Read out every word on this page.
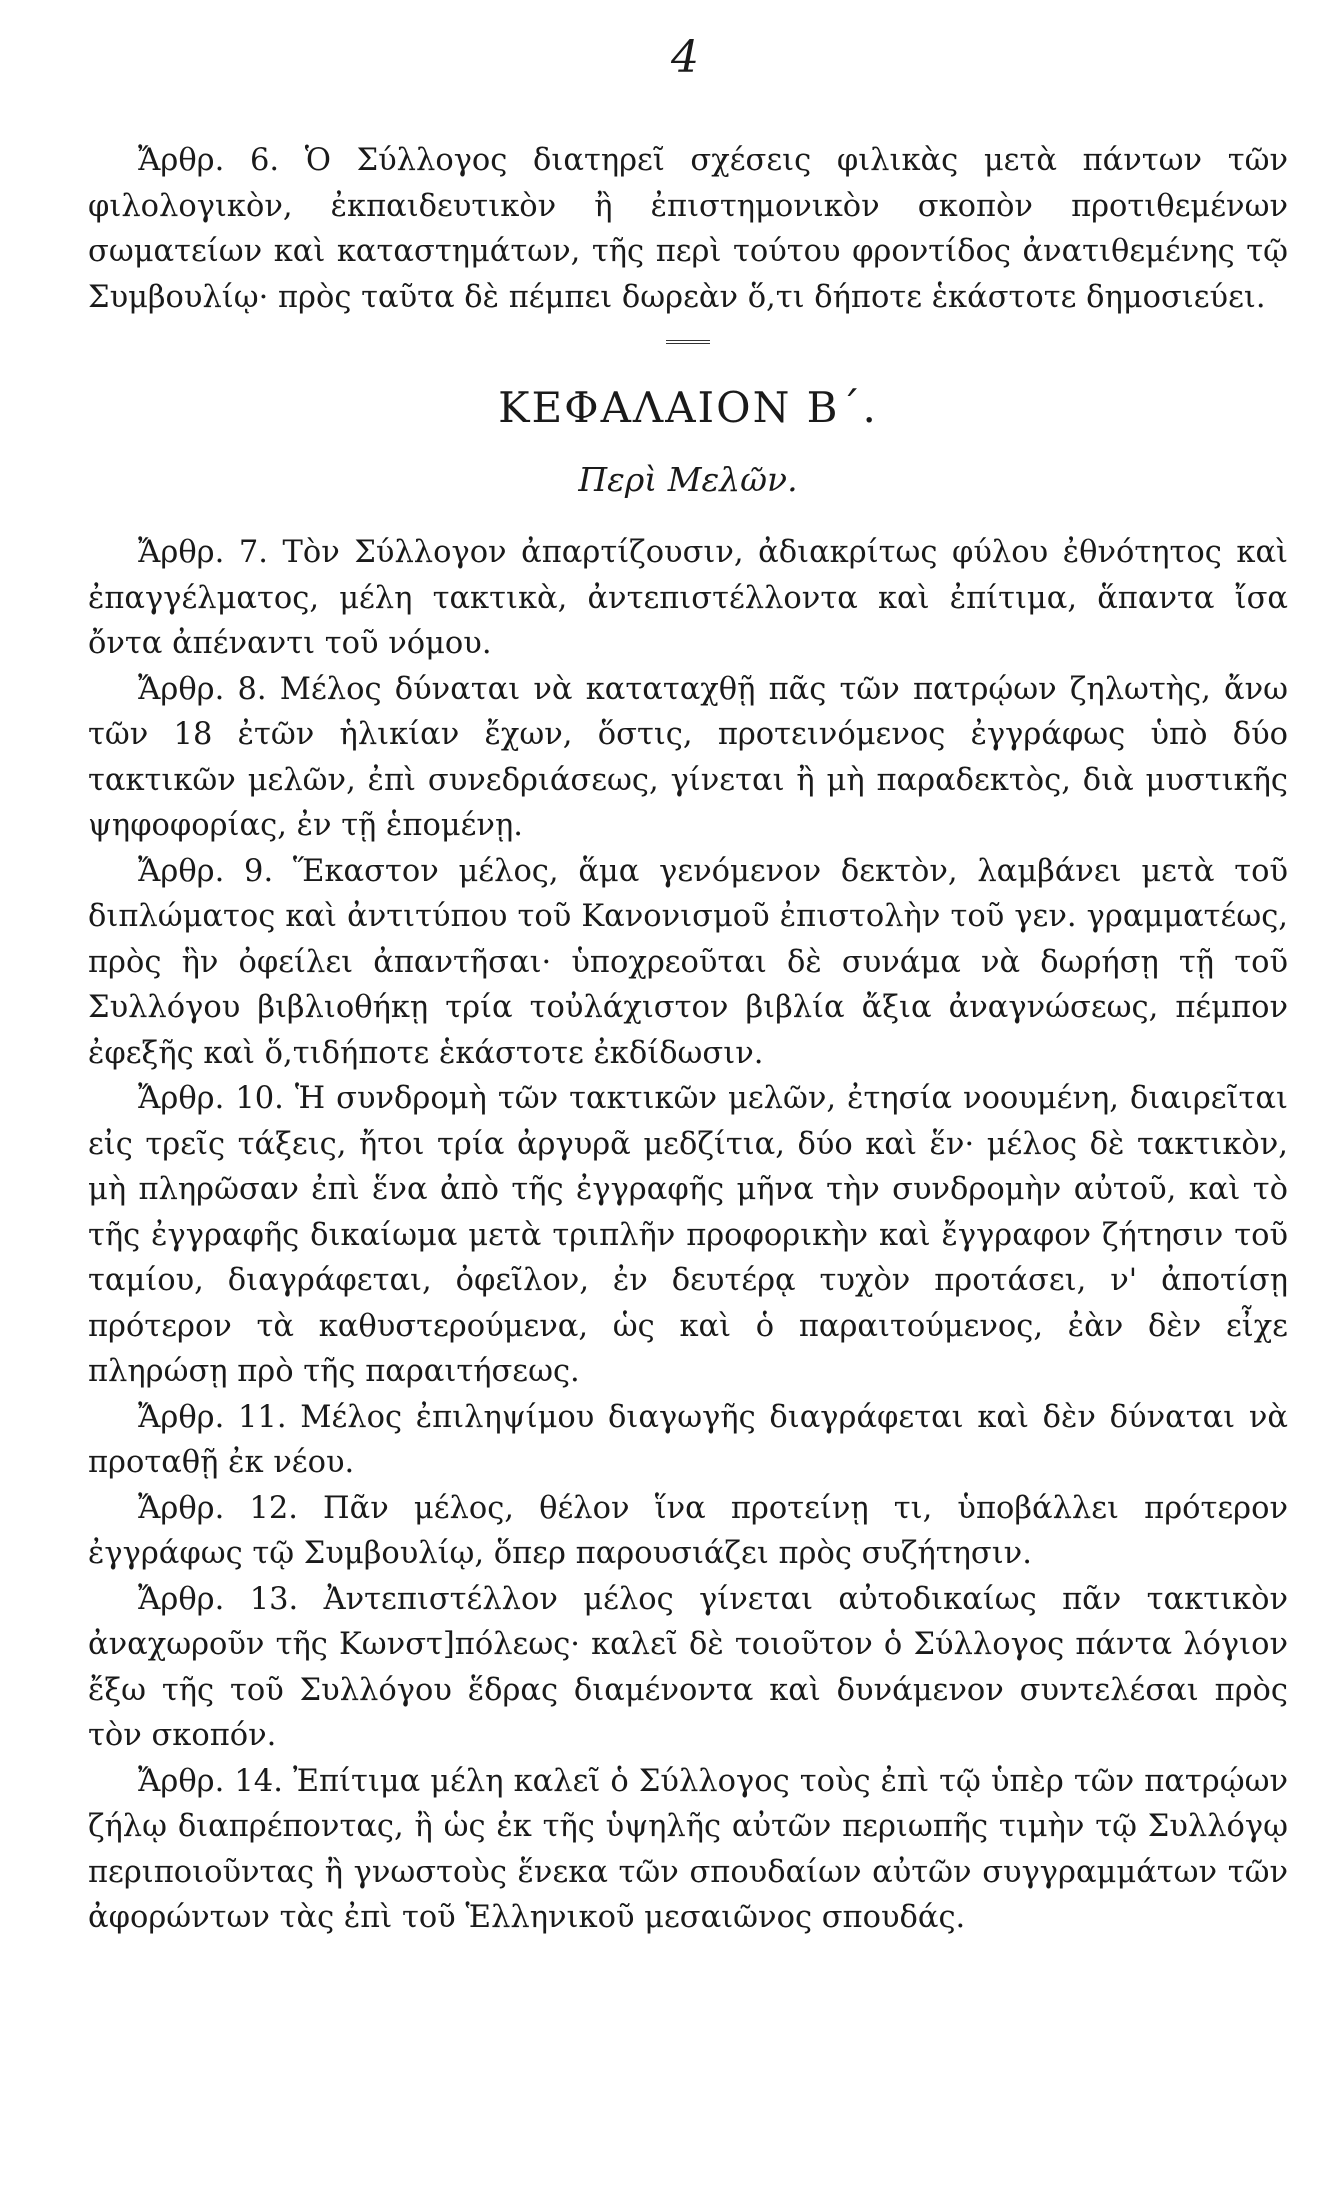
4

Ἄρθρ. 6. Ὁ Σύλλογος διατηρεῖ σχέσεις φιλικὰς μετὰ πάντων τῶν φιλολογικὸν, ἐκπαιδευτικὸν ἢ ἐπιστημονικὸν σκοπὸν προτιθεμένων σωματείων καὶ καταστημάτων, τῆς περὶ τούτου φροντίδος ἀνατιθεμένης τῷ Συμβουλίῳ· πρὸς ταῦτα δὲ πέμπει δωρεὰν ὅ,τι δήποτε ἑκάστοτε δημοσιεύει.

ΚΕΦΑΛΑΙΟΝ Β΄.
Περὶ Μελῶν.

Ἄρθρ. 7. Τὸν Σύλλογον ἀπαρτίζουσιν, ἀδιακρίτως φύλου ἐθνότητος καὶ ἐπαγγέλματος, μέλη τακτικὰ, ἀντεπιστέλλοντα καὶ ἐπίτιμα, ἅπαντα ἴσα ὄντα ἀπέναντι τοῦ νόμου.

Ἄρθρ. 8. Μέλος δύναται νὰ καταταχθῇ πᾶς τῶν πατρῴων ζηλωτὴς, ἄνω τῶν 18 ἐτῶν ἡλικίαν ἔχων, ὅστις, προτεινόμενος ἐγγράφως ὑπὸ δύο τακτικῶν μελῶν, ἐπὶ συνεδριάσεως, γίνεται ἢ μὴ παραδεκτὸς, διὰ μυστικῆς ψηφοφορίας, ἐν τῇ ἑπομένῃ.

Ἄρθρ. 9. Ἕκαστον μέλος, ἅμα γενόμενον δεκτὸν, λαμβάνει μετὰ τοῦ διπλώματος καὶ ἀντιτύπου τοῦ Κανονισμοῦ ἐπιστολὴν τοῦ γεν. γραμματέως, πρὸς ἣν ὀφείλει ἀπαντῆσαι· ὑποχρεοῦται δὲ συνάμα νὰ δωρήσῃ τῇ τοῦ Συλλόγου βιβλιοθήκῃ τρία τοὐλάχιστον βιβλία ἄξια ἀναγνώσεως, πέμπον ἐφεξῆς καὶ ὅ,τιδήποτε ἑκάστοτε ἐκδίδωσιν.

Ἄρθρ. 10. Ἡ συνδρομὴ τῶν τακτικῶν μελῶν, ἐτησία νοουμένη, διαιρεῖται εἰς τρεῖς τάξεις, ἤτοι τρία ἀργυρᾶ μεδζίτια, δύο καὶ ἕν· μέλος δὲ τακτικὸν, μὴ πληρῶσαν ἐπὶ ἕνα ἀπὸ τῆς ἐγγραφῆς μῆνα τὴν συνδρομὴν αὐτοῦ, καὶ τὸ τῆς ἐγγραφῆς δικαίωμα μετὰ τριπλῆν προφορικὴν καὶ ἔγγραφον ζήτησιν τοῦ ταμίου, διαγράφεται, ὀφεῖλον, ἐν δευτέρᾳ τυχὸν προτάσει, ν' ἀποτίσῃ πρότερον τὰ καθυστερούμενα, ὡς καὶ ὁ παραιτούμενος, ἐὰν δὲν εἶχε πληρώσῃ πρὸ τῆς παραιτήσεως.

Ἄρθρ. 11. Μέλος ἐπιληψίμου διαγωγῆς διαγράφεται καὶ δὲν δύναται νὰ προταθῇ ἐκ νέου.

Ἄρθρ. 12. Πᾶν μέλος, θέλον ἵνα προτείνῃ τι, ὑποβάλλει πρότερον ἐγγράφως τῷ Συμβουλίῳ, ὅπερ παρουσιάζει πρὸς συζήτησιν.

Ἄρθρ. 13. Ἀντεπιστέλλον μέλος γίνεται αὐτοδικαίως πᾶν τακτικὸν ἀναχωροῦν τῆς Κωνστ]πόλεως· καλεῖ δὲ τοιοῦτον ὁ Σύλλογος πάντα λόγιον ἔξω τῆς τοῦ Συλλόγου ἕδρας διαμένοντα καὶ δυνάμενον συντελέσαι πρὸς τὸν σκοπόν.

Ἄρθρ. 14. Ἐπίτιμα μέλη καλεῖ ὁ Σύλλογος τοὺς ἐπὶ τῷ ὑπὲρ τῶν πατρῴων ζήλῳ διαπρέποντας, ἢ ὡς ἐκ τῆς ὑψηλῆς αὐτῶν περιωπῆς τιμὴν τῷ Συλλόγῳ περιποιοῦντας ἢ γνωστοὺς ἕνεκα τῶν σπουδαίων αὐτῶν συγγραμμάτων τῶν ἀφορώντων τὰς ἐπὶ τοῦ Ἑλληνικοῦ μεσαιῶνος σπουδάς.
